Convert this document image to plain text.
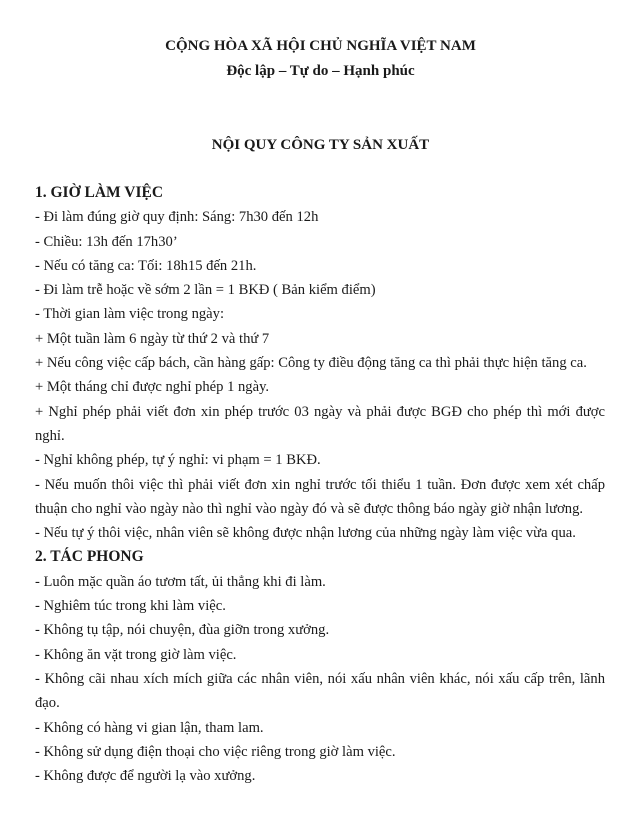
CỘNG HÒA XÃ HỘI CHỦ NGHĨA VIỆT NAM
Độc lập – Tự do – Hạnh phúc
NỘI QUY CÔNG TY SẢN XUẤT

1. GIỜ LÀM VIỆC

- Đi làm đúng giờ quy định: Sáng: 7h30 đến 12h

- Chiều: 13h đến 17h30’

- Nếu có tăng ca: Tối: 18h15 đến 21h.

- Đi làm trễ hoặc về sớm 2 lần = 1 BKĐ ( Bản kiểm điểm)

- Thời gian làm việc trong ngày:

+ Một tuần làm 6 ngày từ thứ 2 và thứ 7

+ Nếu công việc cấp bách, cần hàng gấp: Công ty điều động tăng ca thì phải thực hiện tăng ca.

+ Một tháng chỉ được nghỉ phép 1 ngày.

+ Nghỉ phép phải viết đơn xin phép trước 03 ngày và phải được BGĐ cho phép thì mới được nghỉ.

- Nghỉ không phép, tự ý nghỉ: vi phạm = 1 BKĐ.

- Nếu muốn thôi việc thì phải viết đơn xin nghỉ trước tối thiểu 1 tuần. Đơn được xem xét chấp thuận cho nghỉ vào ngày nào thì nghỉ vào ngày đó và sẽ được thông báo ngày giờ nhận lương.

- Nếu tự ý thôi việc, nhân viên sẽ không được nhận lương của những ngày làm việc vừa qua.

2. TÁC PHONG

- Luôn mặc quần áo tươm tất, ủi thẳng khi đi làm.

- Nghiêm túc trong khi làm việc.

- Không tụ tập, nói chuyện, đùa giỡn trong xưởng.

- Không ăn vặt trong giờ làm việc.

- Không cãi nhau xích mích giữa các nhân viên, nói xấu nhân viên khác, nói xấu cấp trên, lãnh đạo.

- Không có hàng vi gian lận, tham lam.

- Không sử dụng điện thoại cho việc riêng trong giờ làm việc.

- Không được để người lạ vào xưởng.
